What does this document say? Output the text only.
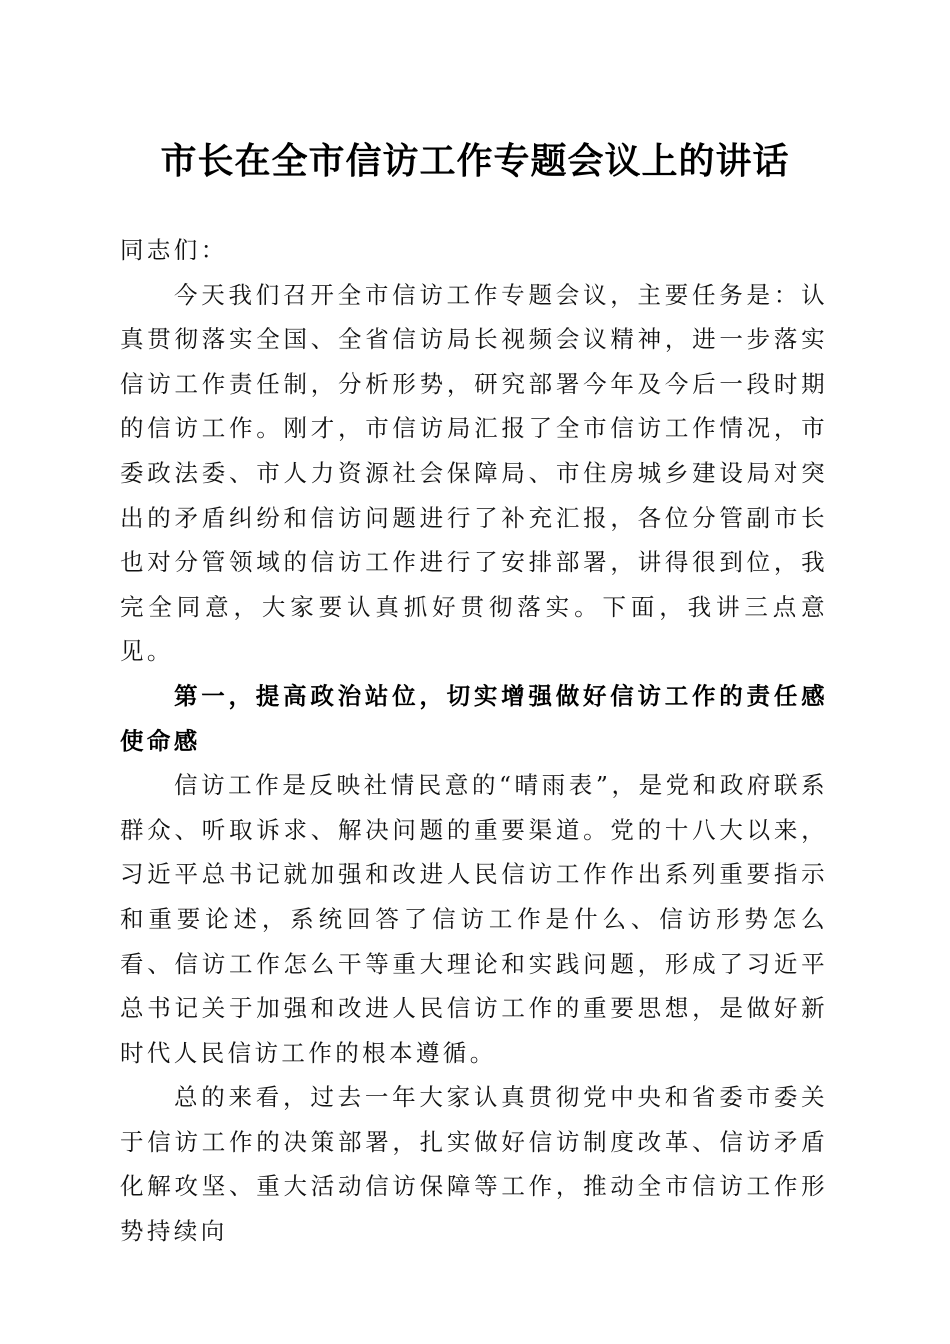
市长在全市信访工作专题会议上的讲话

同志们：

今天我们召开全市信访工作专题会议，主要任务是：认真贯彻落实全国、全省信访局长视频会议精神，进一步落实信访工作责任制，分析形势，研究部署今年及今后一段时期的信访工作。刚才，市信访局汇报了全市信访工作情况，市委政法委、市人力资源社会保障局、市住房城乡建设局对突出的矛盾纠纷和信访问题进行了补充汇报，各位分管副市长也对分管领域的信访工作进行了安排部署，讲得很到位，我完全同意，大家要认真抓好贯彻落实。下面，我讲三点意见。

第一，提高政治站位，切实增强做好信访工作的责任感使命感

信访工作是反映社情民意的“晴雨表”，是党和政府联系群众、听取诉求、解决问题的重要渠道。党的十八大以来，习近平总书记就加强和改进人民信访工作作出系列重要指示和重要论述，系统回答了信访工作是什么、信访形势怎么看、信访工作怎么干等重大理论和实践问题，形成了习近平总书记关于加强和改进人民信访工作的重要思想，是做好新时代人民信访工作的根本遵循。

总的来看，过去一年大家认真贯彻党中央和省委市委关于信访工作的决策部署，扎实做好信访制度改革、信访矛盾化解攻坚、重大活动信访保障等工作，推动全市信访工作形势持续向
